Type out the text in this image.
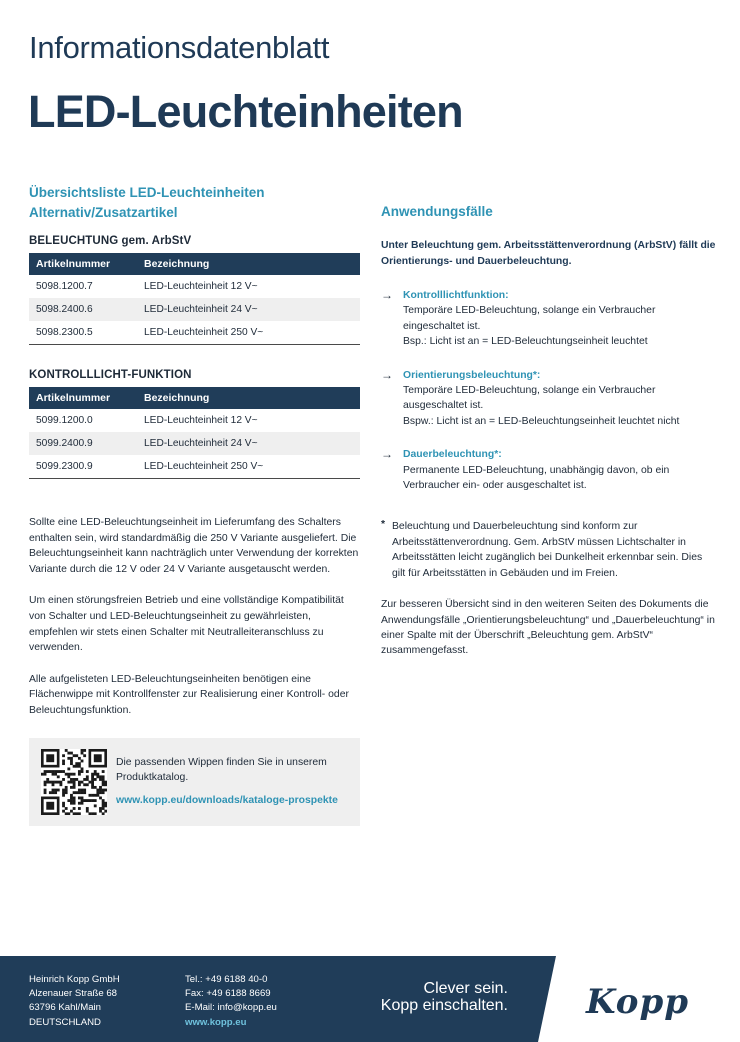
Informationsdatenblatt
LED-Leuchteinheiten
Übersichtsliste LED-Leuchteinheiten
Alternativ/Zusatzartikel
BELEUCHTUNG gem. ArbStV
Artikelnummer	Bezeichnung
5098.1200.7	LED-Leuchteinheit 12 V~
5098.2400.6	LED-Leuchteinheit 24 V~
5098.2300.5	LED-Leuchteinheit 250 V~
KONTROLLLICHT-FUNKTION
Artikelnummer	Bezeichnung
5099.1200.0	LED-Leuchteinheit 12 V~
5099.2400.9	LED-Leuchteinheit 24 V~
5099.2300.9	LED-Leuchteinheit 250 V~
Sollte eine LED-Beleuchtungseinheit im Lieferumfang des Schalters enthalten sein, wird standardmäßig die 250 V Variante ausgeliefert. Die Beleuchtungseinheit kann nachträglich unter Verwendung der korrekten Variante durch die 12 V oder 24 V Variante ausgetauscht werden.
Um einen störungsfreien Betrieb und eine vollständige Kompatibilität von Schalter und LED-Beleuchtungseinheit zu gewährleisten, empfehlen wir stets einen Schalter mit Neutralleiteranschluss zu verwenden.
Alle aufgelisteten LED-Beleuchtungseinheiten benötigen eine Flächenwippe mit Kontrollfenster zur Realisierung einer Kontroll- oder Beleuchtungsfunktion.
Die passenden Wippen finden Sie in unserem Produktkatalog.
www.kopp.eu/downloads/kataloge-prospekte
Anwendungsfälle
Unter Beleuchtung gem. Arbeitsstättenverordnung (ArbStV) fällt die Orientierungs- und Dauerbeleuchtung.
→ Kontrolllichtfunktion:
Temporäre LED-Beleuchtung, solange ein Verbraucher eingeschaltet ist.
Bsp.: Licht ist an = LED-Beleuchtungseinheit leuchtet
→ Orientierungsbeleuchtung*:
Temporäre LED-Beleuchtung, solange ein Verbraucher ausgeschaltet ist.
Bspw.: Licht ist an = LED-Beleuchtungseinheit leuchtet nicht
→ Dauerbeleuchtung*:
Permanente LED-Beleuchtung, unabhängig davon, ob ein Verbraucher ein- oder ausgeschaltet ist.
* Beleuchtung und Dauerbeleuchtung sind konform zur Arbeitsstättenverordnung. Gem. ArbStV müssen Lichtschalter in Arbeitsstätten leicht zugänglich bei Dunkelheit erkennbar sein. Dies gilt für Arbeitsstätten in Gebäuden und im Freien.
Zur besseren Übersicht sind in den weiteren Seiten des Dokuments die Anwendungsfälle „Orientierungsbeleuchtung“ und „Dauerbeleuchtung“ in einer Spalte mit der Überschrift „Beleuchtung gem. ArbStV“ zusammengefasst.
Heinrich Kopp GmbH
Alzenauer Straße 68
63796 Kahl/Main
DEUTSCHLAND
Tel.: +49 6188 40-0
Fax: +49 6188 8669
E-Mail: info@kopp.eu
www.kopp.eu
Clever sein.
Kopp einschalten. Kopp
